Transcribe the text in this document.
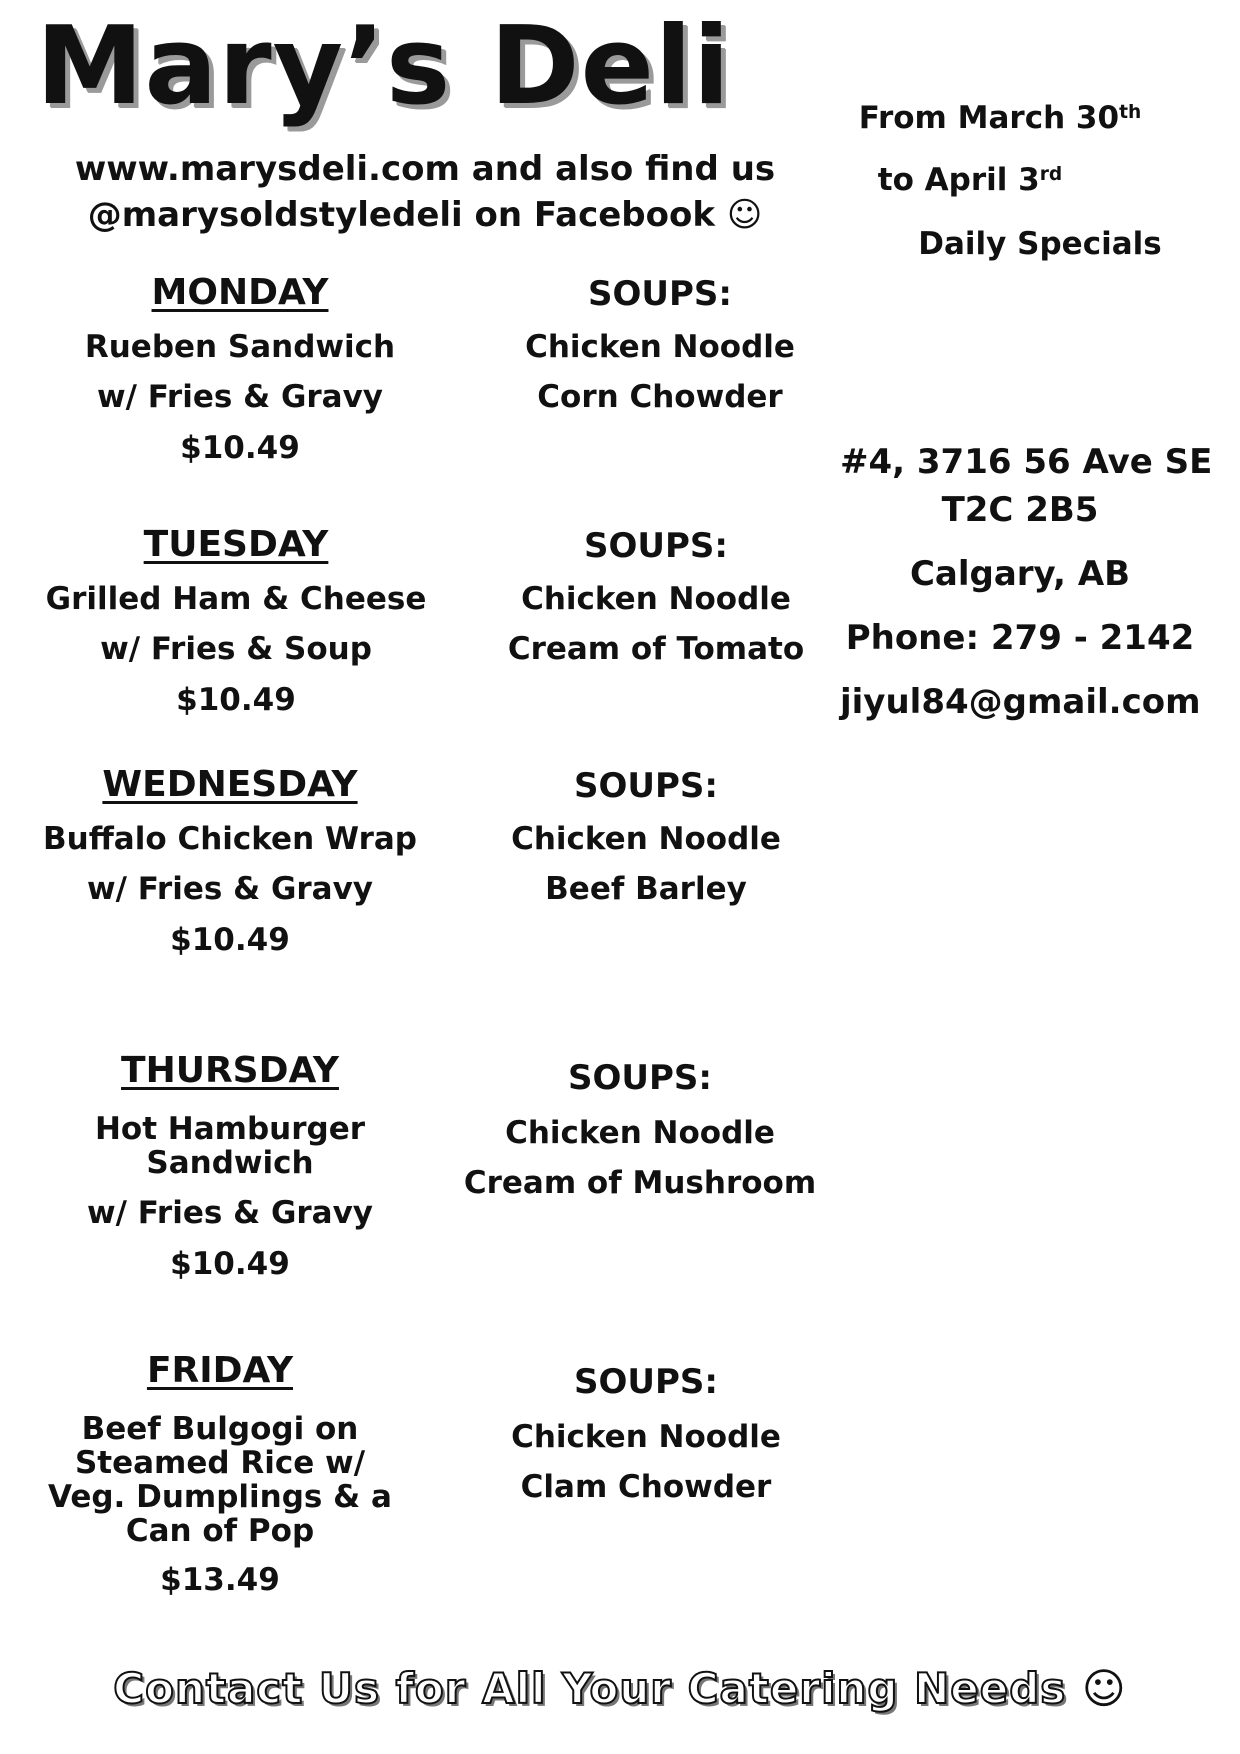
Mary’s Deli
www.marysdeli.com and also find us
@marysoldstyledeli on Facebook ☺
From March 30th
to April 3rd
Daily Specials
#4, 3716 56 Ave SE
T2C 2B5
Calgary, AB
Phone: 279 - 2142
jiyul84@gmail.com
MONDAY
Rueben Sandwich
w/ Fries & Gravy
$10.49
SOUPS:
Chicken Noodle
Corn Chowder
TUESDAY
Grilled Ham & Cheese
w/ Fries & Soup
$10.49
SOUPS:
Chicken Noodle
Cream of Tomato
WEDNESDAY
Buffalo Chicken Wrap
w/ Fries & Gravy
$10.49
SOUPS:
Chicken Noodle
Beef Barley
THURSDAY
Hot Hamburger
Sandwich
w/ Fries & Gravy
$10.49
SOUPS:
Chicken Noodle
Cream of Mushroom
FRIDAY
Beef Bulgogi on
Steamed Rice w/
Veg. Dumplings & a
Can of Pop
$13.49
SOUPS:
Chicken Noodle
Clam Chowder
Contact Us for All Your Catering Needs ☺
